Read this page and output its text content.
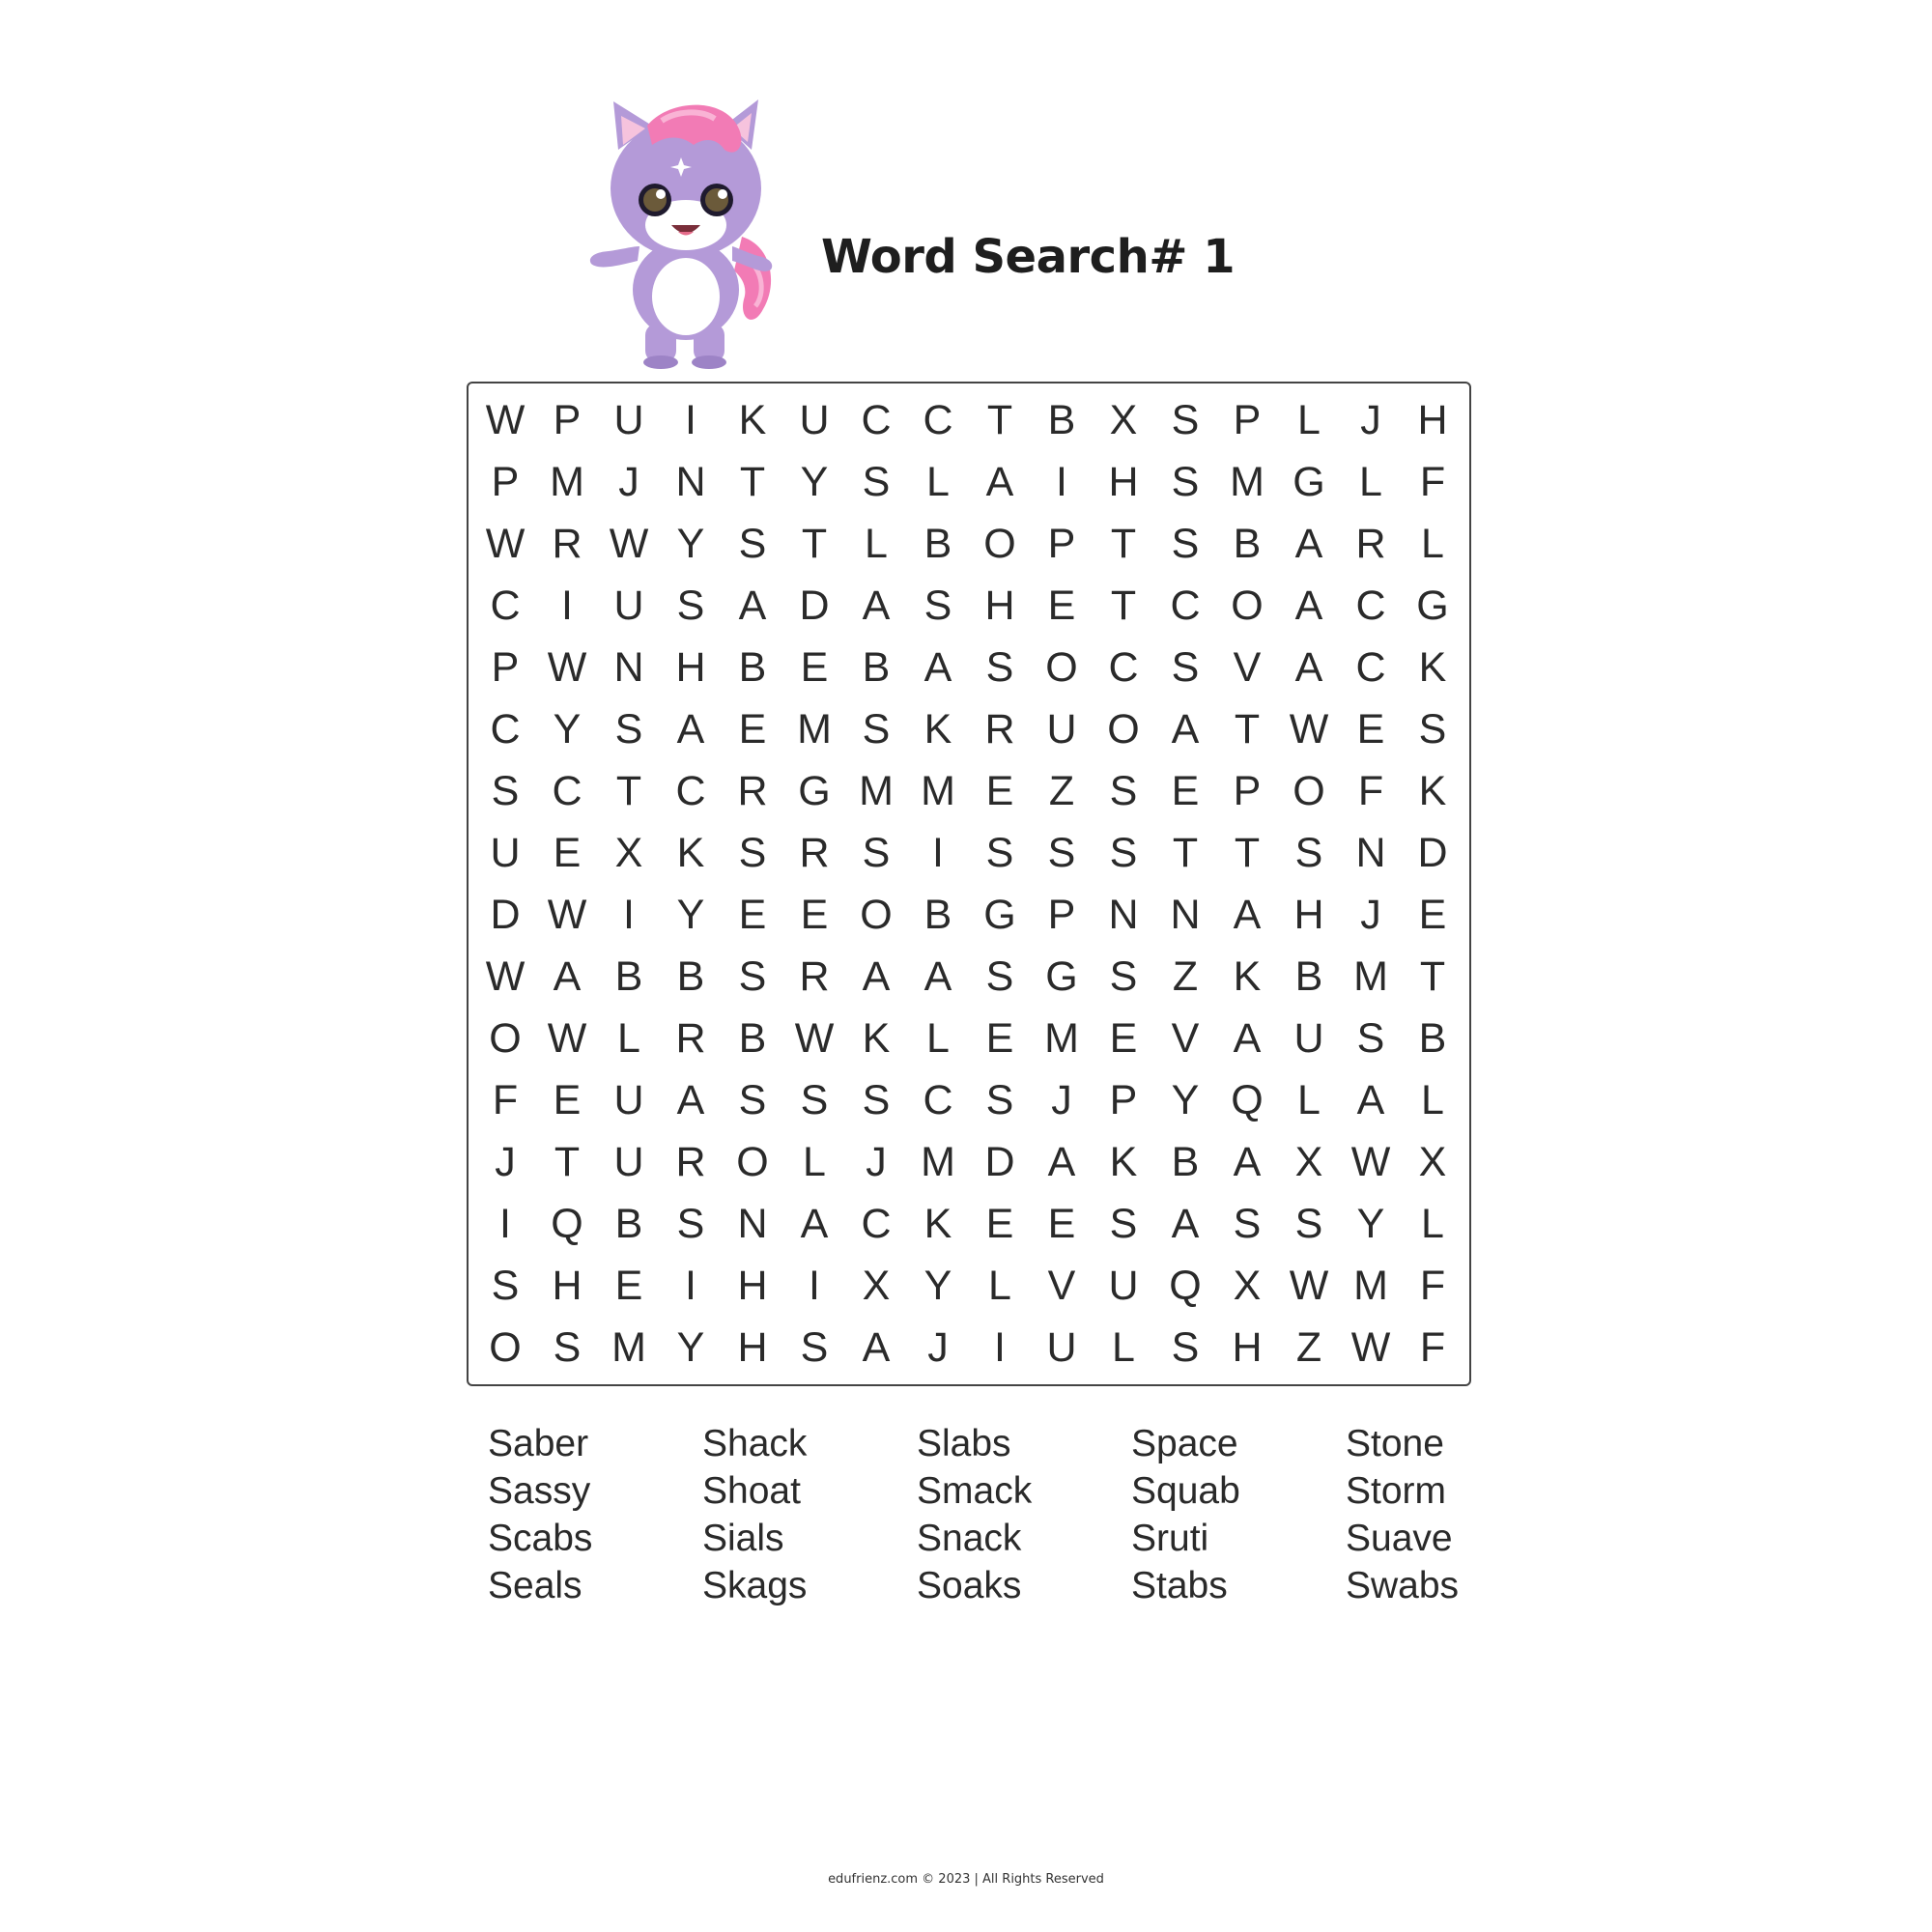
Word Search# 1
W P U I	K U C C T B X S P L J H
P M J N T Y S L A	I H S M G L F
W R W Y S T L B O P T S B A R L
C I U S A D A S H E T C O A C G
P W N H B E B A S O C S V A C K
C Y S A E M S K R U O A T W E S
S C T C R G M M E Z S E P O F K
U E X K S R S	I	S S S T T S N D
D W I	Y E E O B G P N N A H J E
W A B B S R A A S G S Z K B M T
O W L R B W K L E M E V A U S B
F E U A S S S C S J P Y Q L A L
J T U R O L J M D A K B A X W X
I Q B S N A C K E E S A S S Y L
S H E	I H I	X Y L V U Q X W M F
O S M Y H S A J	I U L S H Z W F
Saber
Sassy
Scabs
Seals
Shack
Shoat
Sials
Skags
Slabs
Smack
Snack
Soaks
Space
Squab
Sruti
Stabs
Stone
Storm
Suave
Swabs
edufrienz.com © 2023 | All Rights Reserved
